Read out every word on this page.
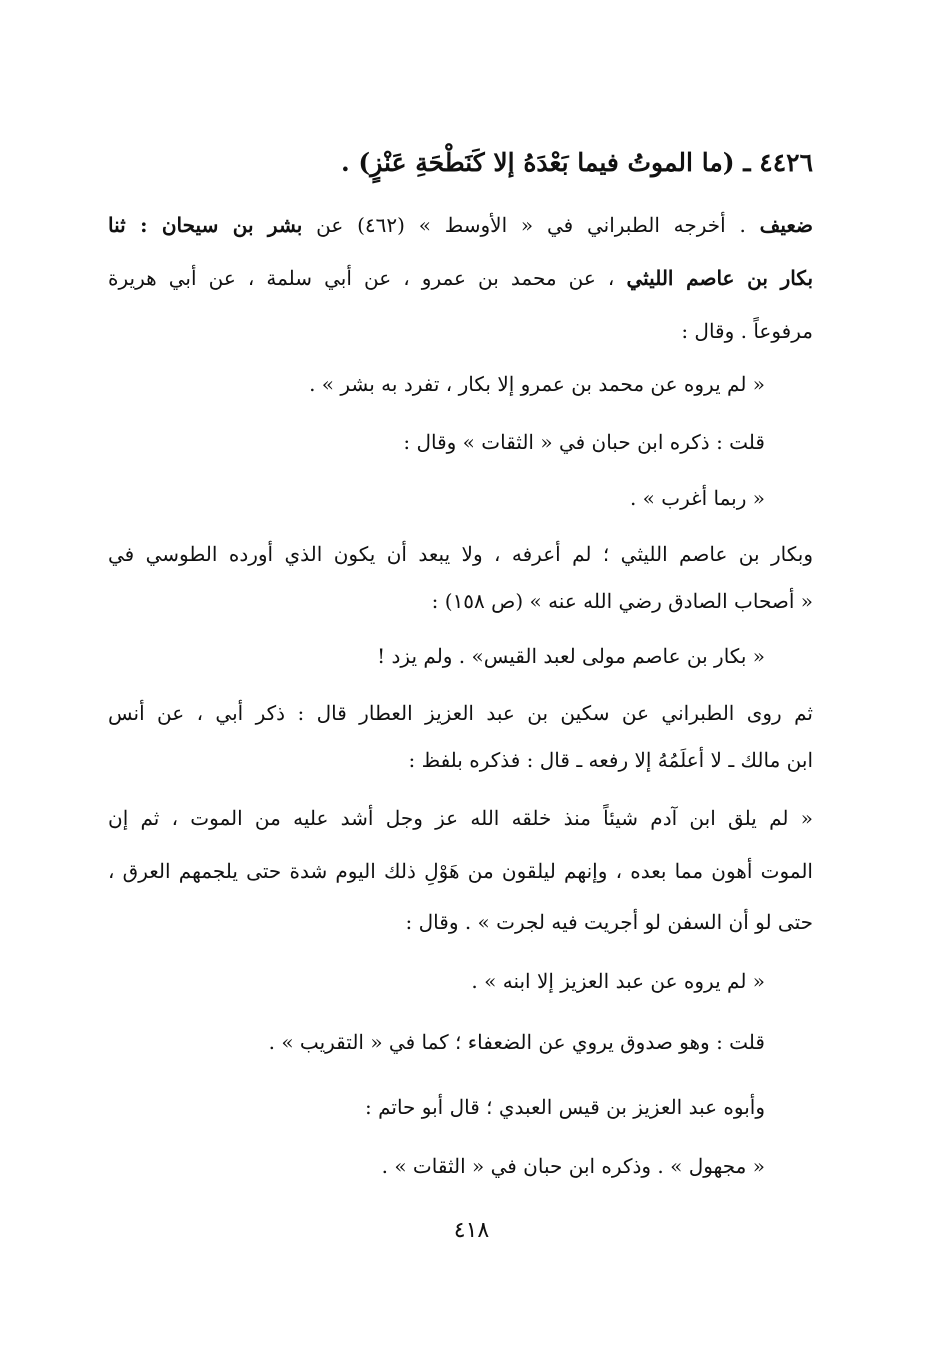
٤٤٢٦ ـ (ما الموتُ فيما بَعْدَهُ إلا كَنَطْحَةِ عَنْزٍ) .
ضعيف . أخرجه الطبراني في « الأوسط » (٤٦٢) عن بشر بن سيحان : ثنا
بكار بن عاصم الليثي ، عن محمد بن عمرو ، عن أبي سلمة ، عن أبي هريرة
مرفوعاً . وقال :
« لم يروه عن محمد بن عمرو إلا بكار ، تفرد به بشر » .
قلت : ذكره ابن حبان في « الثقات » وقال :
« ربما أغرب » .
وبكار بن عاصم الليثي ؛ لم أعرفه ، ولا يبعد أن يكون الذي أورده الطوسي في
« أصحاب الصادق رضي الله عنه » (ص ١٥٨) :
« بكار بن عاصم مولى لعبد القيس» . ولم يزد !
ثم روى الطبراني عن سكين بن عبد العزيز العطار قال : ذكر أبي ، عن أنس
ابن مالك ـ لا أعلَمُهُ إلا رفعه ـ قال : فذكره بلفظ :
« لم يلق ابن آدم شيئاً منذ خلقه الله عز وجل أشد عليه من الموت ، ثم إن
الموت أهون مما بعده ، وإنهم ليلقون من هَوْلِ ذلك اليوم شدة حتى يلجمهم العرق ،
حتى لو أن السفن لو أجريت فيه لجرت » . وقال :
« لم يروه عن عبد العزيز إلا ابنه » .
قلت : وهو صدوق يروي عن الضعفاء ؛ كما في « التقريب » .
وأبوه عبد العزيز بن قيس العبدي ؛ قال أبو حاتم :
« مجهول » . وذكره ابن حبان في « الثقات » .
٤١٨
